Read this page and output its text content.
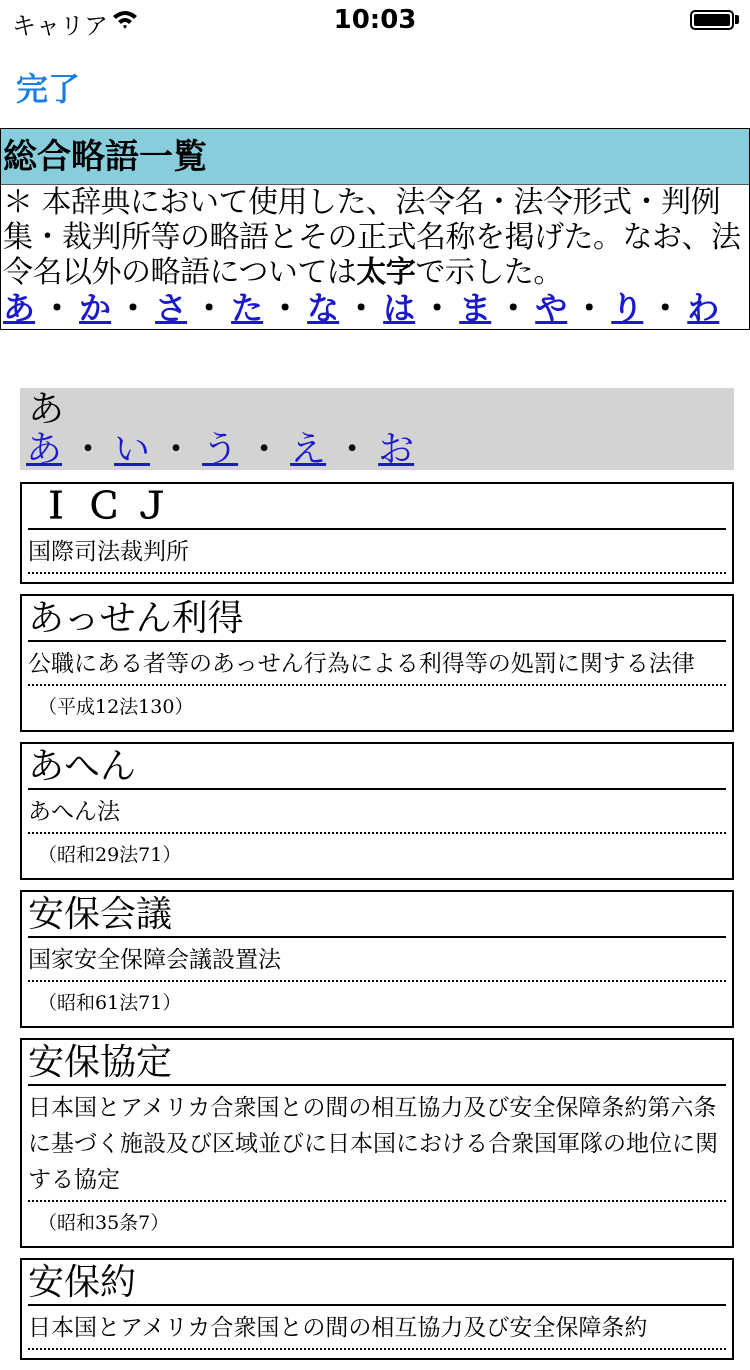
キャリア	10:03
完了
総合略語一覧
＊ 本辞典において使用した、法令名・法令形式・判例集・裁判所等の略語とその正式名称を掲げた。なお、法令名以外の略語については太字で示した。
あ ・ か ・ さ ・ た ・ な ・ は ・ ま ・ や ・ り ・ わ
あ
あ ・ い ・ う ・ え ・ お
ＩＣＪ
国際司法裁判所
あっせん利得
公職にある者等のあっせん行為による利得等の処罰に関する法律
（平成12法130）
あへん
あへん法
（昭和29法71）
安保会議
国家安全保障会議設置法
（昭和61法71）
安保協定
日本国とアメリカ合衆国との間の相互協力及び安全保障条約第六条に基づく施設及び区域並びに日本国における合衆国軍隊の地位に関する協定
（昭和35条7）
安保約
日本国とアメリカ合衆国との間の相互協力及び安全保障条約
